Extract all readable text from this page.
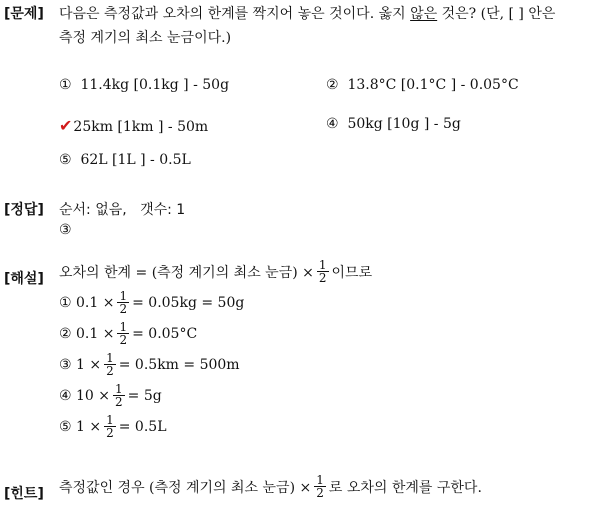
[문제] 다음은 측정값과 오차의 한계를 짝지어 놓은 것이다. 옳지 않은 것은? (단, [ ] 안은
측정 계기의 최소 눈금이다.)
① 11.4kg [0.1kg ] - 50g	② 13.8°C [0.1°C ] - 0.05°C
✔25km [1km ] - 50m	④ 50kg [10g ] - 5g
⑤ 62L [1L ] - 0.5L
[정답] 순서: 없음,   갯수: 1
③
[해설] 오차의 한계 = (측정 계기의 최소 눈금) × $\frac{1}{2}$ 이므로
①
$0.1 \times \frac{1}{2} = 0.05kg = 50g$
②
$0.1 \times \frac{1}{2} = 0.05^\circ C$
③
$1 \times \frac{1}{2} = 0.5km = 500m$
④
$10 \times \frac{1}{2} = 5g$
⑤
$1 \times \frac{1}{2} = 0.5L$
[힌트] 측정값인 경우 (측정 계기의 최소 눈금) × $\frac{1}{2}$ 로 오차의 한계를 구한다.
